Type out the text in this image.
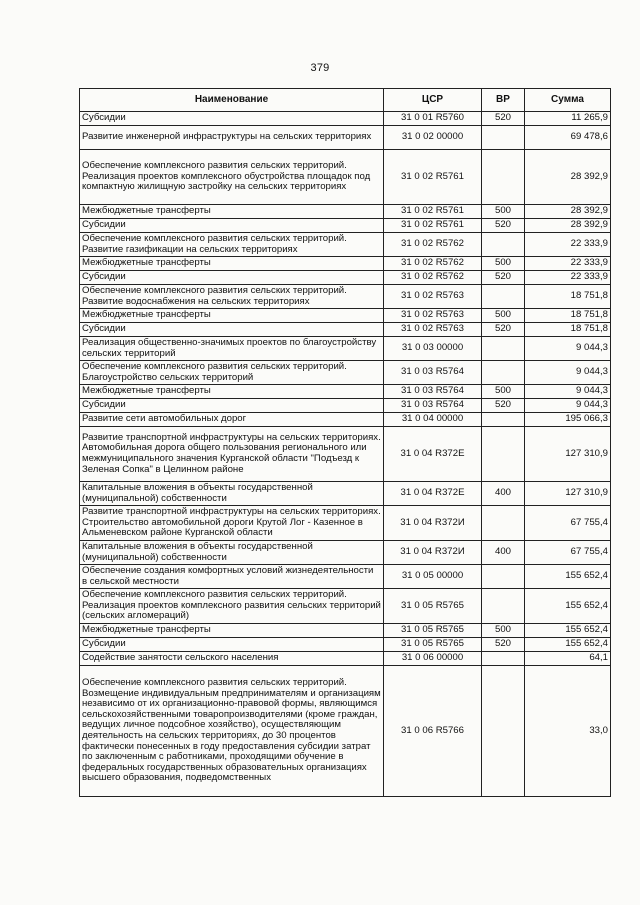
379
Наименование	ЦСР	ВР	Сумма
Субсидии	31 0 01 R5760	520	11 265,9
Развитие инженерной инфраструктуры на сельских территориях	31 0 02 00000		69 478,6
Обеспечение комплексного развития сельских территорий. Реализация проектов комплексного обустройства площадок под компактную жилищную застройку на сельских территориях	31 0 02 R5761		28 392,9
Межбюджетные трансферты	31 0 02 R5761	500	28 392,9
Субсидии	31 0 02 R5761	520	28 392,9
Обеспечение комплексного развития сельских территорий. Развитие газификации на сельских территориях	31 0 02 R5762		22 333,9
Межбюджетные трансферты	31 0 02 R5762	500	22 333,9
Субсидии	31 0 02 R5762	520	22 333,9
Обеспечение комплексного развития сельских территорий. Развитие водоснабжения на сельских территориях	31 0 02 R5763		18 751,8
Межбюджетные трансферты	31 0 02 R5763	500	18 751,8
Субсидии	31 0 02 R5763	520	18 751,8
Реализация общественно-значимых проектов по благоустройству сельских территорий	31 0 03 00000		9 044,3
Обеспечение комплексного развития сельских территорий. Благоустройство сельских территорий	31 0 03 R5764		9 044,3
Межбюджетные трансферты	31 0 03 R5764	500	9 044,3
Субсидии	31 0 03 R5764	520	9 044,3
Развитие сети автомобильных дорог	31 0 04 00000		195 066,3
Развитие транспортной инфраструктуры на сельских территориях. Автомобильная дорога общего пользования регионального или межмуниципального значения Курганской области "Подъезд к Зеленая Сопка" в Целинном районе	31 0 04 R372Е		127 310,9
Капитальные вложения в объекты государственной (муниципальной) собственности	31 0 04 R372Е	400	127 310,9
Развитие транспортной инфраструктуры на сельских территориях. Строительство автомобильной дороги Крутой Лог - Казенное в Альменевском районе Курганской области	31 0 04 R372И		67 755,4
Капитальные вложения в объекты государственной (муниципальной) собственности	31 0 04 R372И	400	67 755,4
Обеспечение создания комфортных условий жизнедеятельности в сельской местности	31 0 05 00000		155 652,4
Обеспечение комплексного развития сельских территорий. Реализация проектов комплексного развития сельских территорий (сельских агломераций)	31 0 05 R5765		155 652,4
Межбюджетные трансферты	31 0 05 R5765	500	155 652,4
Субсидии	31 0 05 R5765	520	155 652,4
Содействие занятости сельского населения	31 0 06 00000		64,1
Обеспечение комплексного развития сельских территорий. Возмещение индивидуальным предпринимателям и организациям независимо от их организационно-правовой формы, являющимся сельскохозяйственными товаропроизводителями (кроме граждан, ведущих личное подсобное хозяйство), осуществляющим деятельность на сельских территориях, до 30 процентов фактически понесенных в году предоставления субсидии затрат по заключенным с работниками, проходящими обучение в федеральных государственных образовательных организациях высшего образования, подведомственных	31 0 06 R5766		33,0
